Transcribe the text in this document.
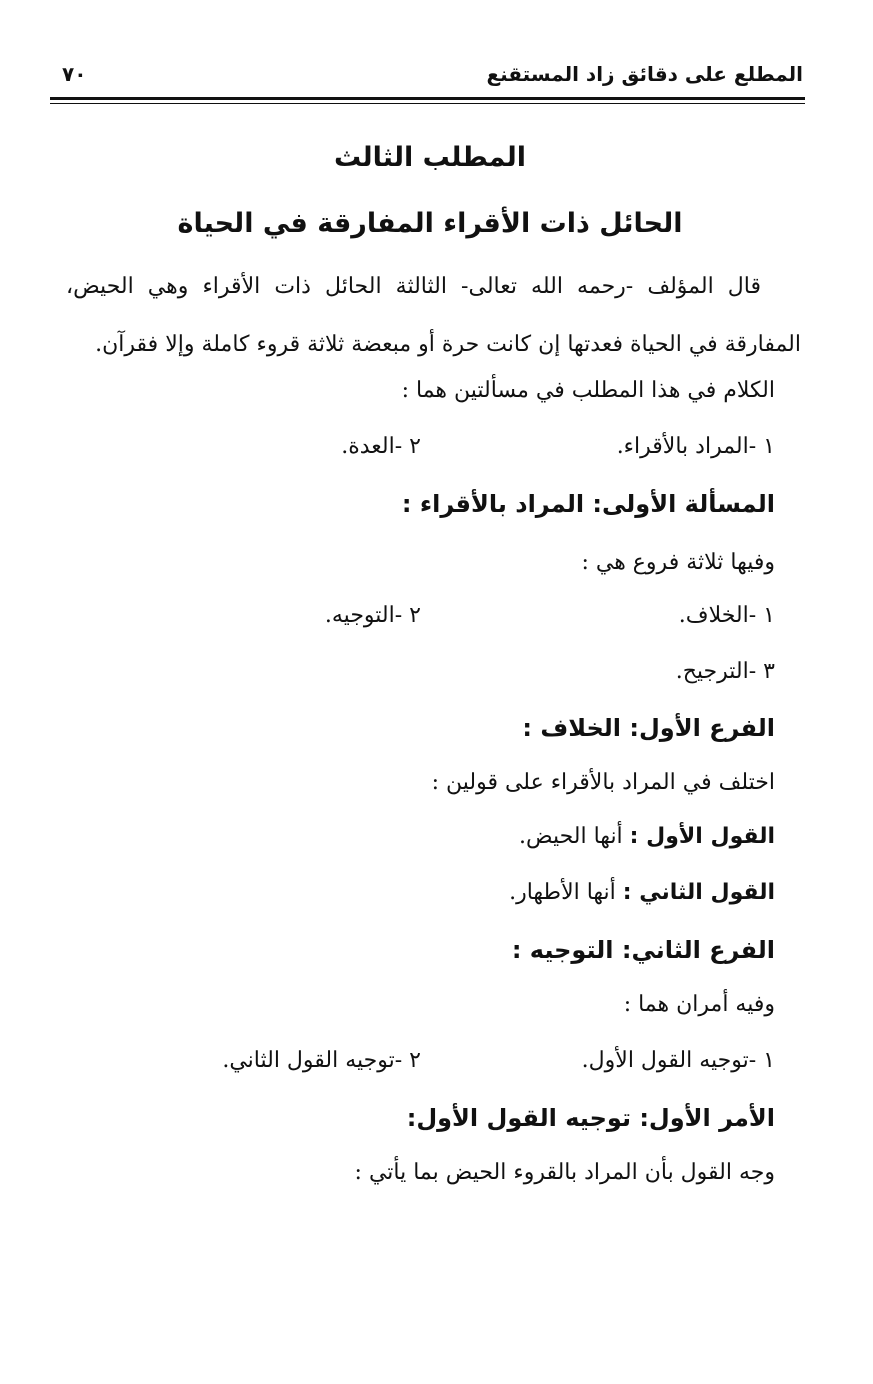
المطلع على دقائق زاد المستقنع
٧٠
المطلب الثالث
الحائل ذات الأقراء المفارقة في الحياة
قال المؤلف -رحمه الله تعالى- الثالثة الحائل ذات الأقراء وهي الحيض، المفارقة في الحياة فعدتها إن كانت حرة أو مبعضة ثلاثة قروء كاملة وإلا فقرآن.
الكلام في هذا المطلب في مسألتين هما :
١ -المراد بالأقراء.
٢ -العدة.
المسألة الأولى: المراد بالأقراء :
وفيها ثلاثة فروع هي :
١ -الخلاف.
٢ -التوجيه.
٣ -الترجيح.
الفرع الأول: الخلاف :
اختلف في المراد بالأقراء على قولين :
القول الأول : أنها الحيض.
القول الثاني : أنها الأطهار.
الفرع الثاني: التوجيه :
وفيه أمران هما :
١ -توجيه القول الأول.
٢ -توجيه القول الثاني.
الأمر الأول: توجيه القول الأول:
وجه القول بأن المراد بالقروء الحيض بما يأتي :
